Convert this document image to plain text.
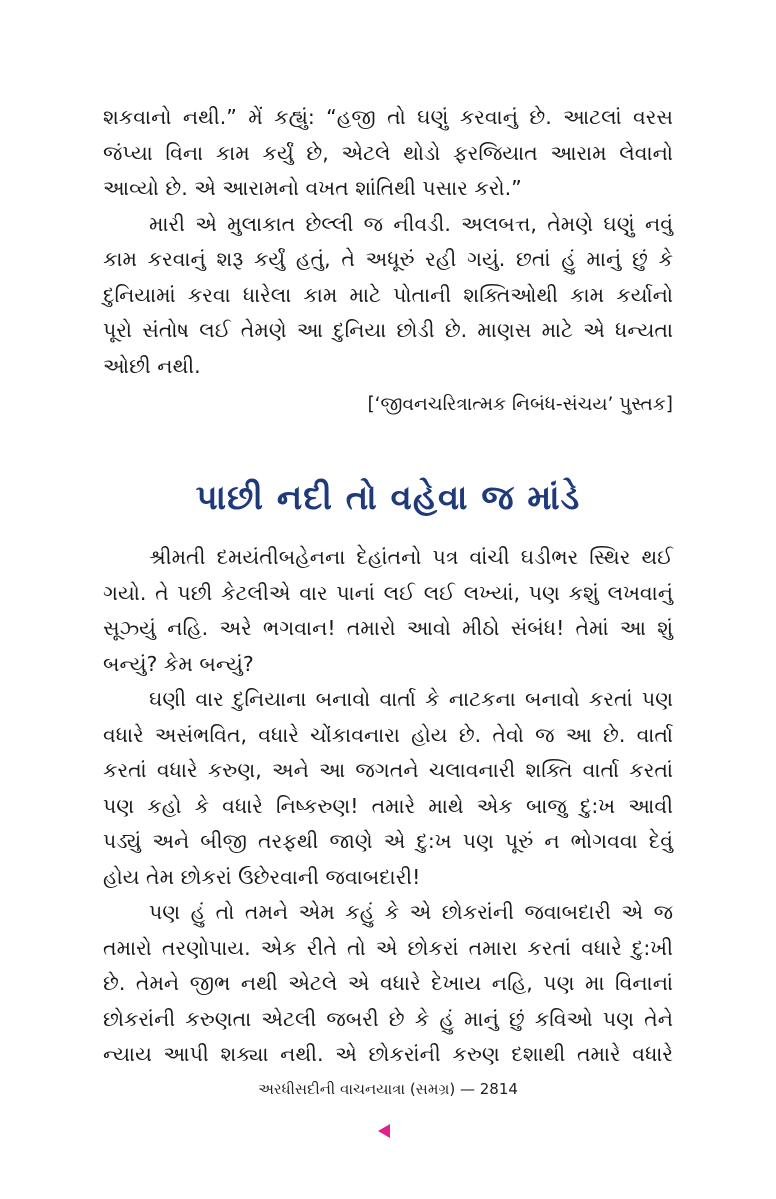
શકવાનો નથી.” મેં કહ્યું: “હજી તો ઘણું કરવાનું છે. આટલાં વરસ
જંપ્યા વિના કામ કર્યું છે, એટલે થોડો ફરજિયાત આરામ લેવાનો
આવ્યો છે. એ આરામનો વખત શાંતિથી પસાર કરો.”

મારી એ મુલાકાત છેલ્લી જ નીવડી. અલબત્ત, તેમણે ઘણું નવું
કામ કરવાનું શરૂ કર્યું હતું, તે અધૂરું રહી ગયું. છતાં હું માનું છું કે
દુનિયામાં કરવા ધારેલા કામ માટે પોતાની શક્તિઓથી કામ કર્યાનો
પૂરો સંતોષ લઈ તેમણે આ દુનિયા છોડી છે. માણસ માટે એ ધન્યતા
ઓછી નથી.

[‘જીવનચરિત્રાત્મક નિબંધ-સંચય’ પુસ્તક]
પાછી નદી તો વહેવા જ માંડે

શ્રીમતી દમયંતીબહેનના દેહાંતનો પત્ર વાંચી ઘડીભર સ્થિર થઈ
ગયો. તે પછી કેટલીએ વાર પાનાં લઈ લઈ લખ્યાં, પણ કશું લખવાનું
સૂઝ્યું નહિ. અરે ભગવાન! તમારો આવો મીઠો સંબંધ! તેમાં આ શું
બન્યું? કેમ બન્યું?

ઘણી વાર દુનિયાના બનાવો વાર્તા કે નાટકના બનાવો કરતાં પણ
વધારે અસંભવિત, વધારે ચોંકાવનારા હોય છે. તેવો જ આ છે. વાર્તા
કરતાં વધારે કરુણ, અને આ જગતને ચલાવનારી શક્તિ વાર્તા કરતાં
પણ કહો કે વધારે નિષ્કરુણ! તમારે માથે એક બાજુ દુ:ખ આવી
પડ્યું અને બીજી તરફથી જાણે એ દુ:ખ પણ પૂરું ન ભોગવવા દેવું
હોય તેમ છોકરાં ઉછેરવાની જવાબદારી!

પણ હું તો તમને એમ કહું કે એ છોકરાંની જવાબદારી એ જ
તમારો તરણોપાય. એક રીતે તો એ છોકરાં તમારા કરતાં વધારે દુ:ખી
છે. તેમને જીભ નથી એટલે એ વધારે દેખાય નહિ, પણ મા વિનાનાં
છોકરાંની કરુણતા એટલી જબરી છે કે હું માનું છું કવિઓ પણ તેને
ન્યાય આપી શક્યા નથી. એ છોકરાંની કરુણ દશાથી તમારે વધારે

અરધીસદીની વાચનયાત્રા (સમગ્ર) — 2814
